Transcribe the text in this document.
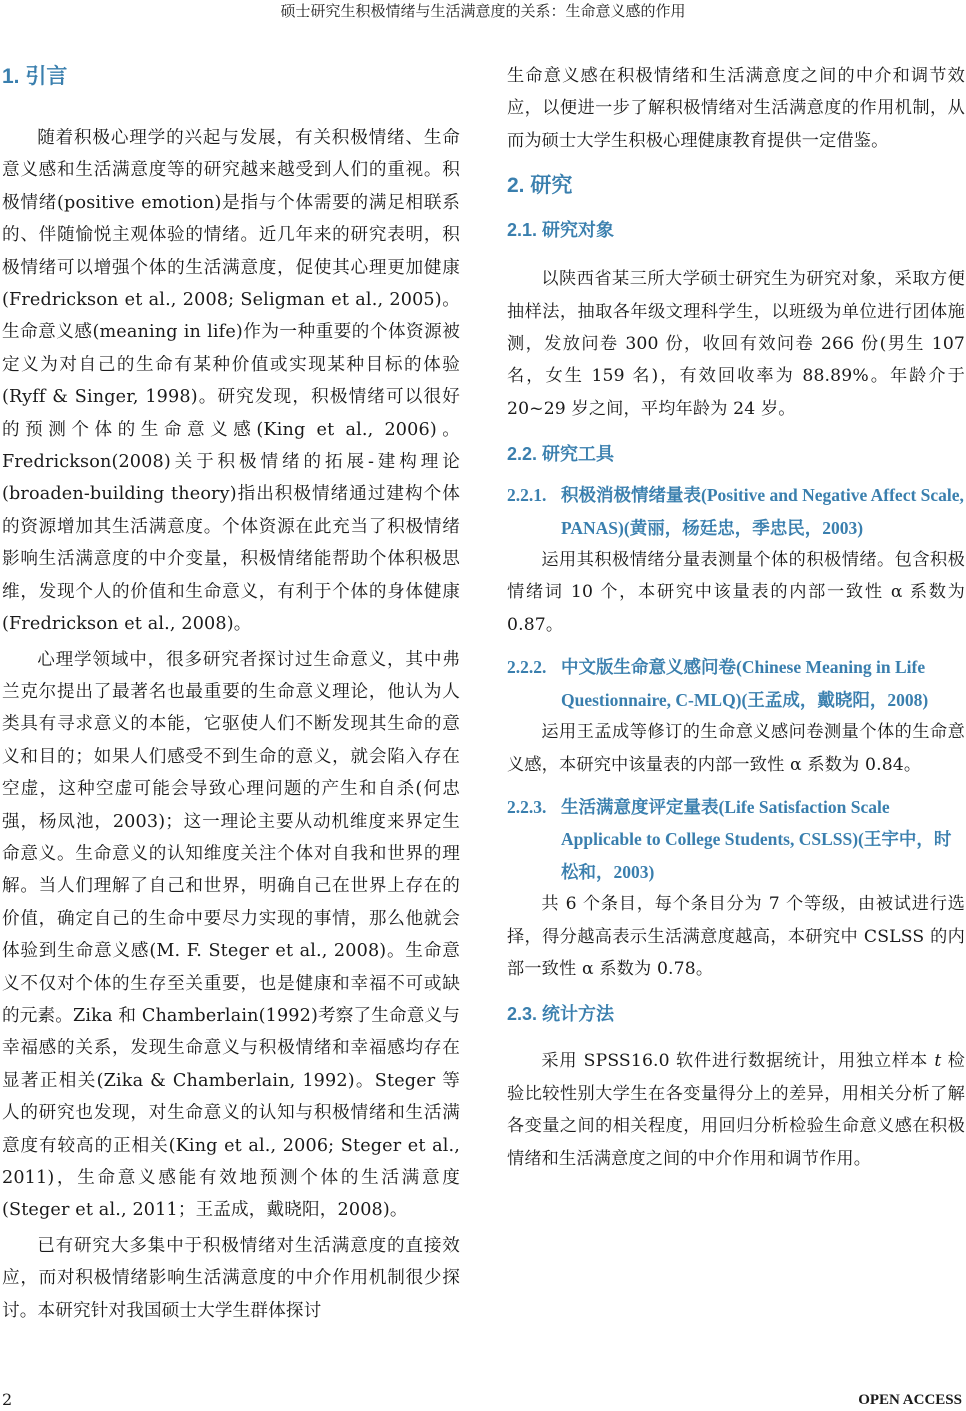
硕士研究生积极情绪与生活满意度的关系：生命意义感的作用
1. 引言

随着积极心理学的兴起与发展，有关积极情绪、生命意义感和生活满意度等的研究越来越受到人们的重视。积极情绪(positive emotion)是指与个体需要的满足相联系的、伴随愉悦主观体验的情绪。近几年来的研究表明，积极情绪可以增强个体的生活满意度，促使其心理更加健康(Fredrickson et al., 2008; Seligman et al., 2005)。生命意义感(meaning in life)作为一种重要的个体资源被定义为对自己的生命有某种价值或实现某种目标的体验(Ryff & Singer, 1998)。研究发现，积极情绪可以很好的预测个体的生命意义感(King et al., 2006)。Fredrickson(2008)关于积极情绪的拓展-建构理论(broaden-building theory)指出积极情绪通过建构个体的资源增加其生活满意度。个体资源在此充当了积极情绪影响生活满意度的中介变量，积极情绪能帮助个体积极思维，发现个人的价值和生命意义，有利于个体的身体健康(Fredrickson et al., 2008)。

心理学领域中，很多研究者探讨过生命意义，其中弗兰克尔提出了最著名也最重要的生命意义理论，他认为人类具有寻求意义的本能，它驱使人们不断发现其生命的意义和目的；如果人们感受不到生命的意义，就会陷入存在空虚，这种空虚可能会导致心理问题的产生和自杀(何忠强，杨凤池，2003)；这一理论主要从动机维度来界定生命意义。生命意义的认知维度关注个体对自我和世界的理解。当人们理解了自己和世界，明确自己在世界上存在的价值，确定自己的生命中要尽力实现的事情，那么他就会体验到生命意义感(M. F. Steger et al., 2008)。生命意义不仅对个体的生存至关重要，也是健康和幸福不可或缺的元素。Zika 和 Chamberlain(1992)考察了生命意义与幸福感的关系，发现生命意义与积极情绪和幸福感均存在显著正相关(Zika & Chamberlain, 1992)。Steger 等人的研究也发现，对生命意义的认知与积极情绪和生活满意度有较高的正相关(King et al., 2006; Steger et al., 2011)，生命意义感能有效地预测个体的生活满意度(Steger et al., 2011；王孟成，戴晓阳，2008)。

已有研究大多集中于积极情绪对生活满意度的直接效应，而对积极情绪影响生活满意度的中介作用机制很少探讨。本研究针对我国硕士大学生群体探讨

生命意义感在积极情绪和生活满意度之间的中介和调节效应，以便进一步了解积极情绪对生活满意度的作用机制，从而为硕士大学生积极心理健康教育提供一定借鉴。

2. 研究
2.1. 研究对象

以陕西省某三所大学硕士研究生为研究对象，采取方便抽样法，抽取各年级文理科学生，以班级为单位进行团体施测，发放问卷 300 份，收回有效问卷 266 份(男生 107 名，女生 159 名)，有效回收率为 88.89%。年龄介于 20~29 岁之间，平均年龄为 24 岁。

2.2. 研究工具
2.2.1. 积极消极情绪量表(Positive and Negative Affect Scale, PANAS)(黄丽，杨廷忠，季忠民，2003)

运用其积极情绪分量表测量个体的积极情绪。包含积极情绪词 10 个，本研究中该量表的内部一致性 α 系数为 0.87。

2.2.2. 中文版生命意义感问卷(Chinese Meaning in Life Questionnaire, C-MLQ)(王孟成，戴晓阳，2008)

运用王孟成等修订的生命意义感问卷测量个体的生命意义感，本研究中该量表的内部一致性 α 系数为 0.84。

2.2.3. 生活满意度评定量表(Life Satisfaction Scale Applicable to College Students, CSLSS)(王宇中，时松和，2003)

共 6 个条目，每个条目分为 7 个等级，由被试进行选择，得分越高表示生活满意度越高，本研究中 CSLSS 的内部一致性 α 系数为 0.78。

2.3. 统计方法

采用 SPSS16.0 软件进行数据统计，用独立样本 t 检验比较性别大学生在各变量得分上的差异，用相关分析了解各变量之间的相关程度，用回归分析检验生命意义感在积极情绪和生活满意度之间的中介作用和调节作用。

2	OPEN ACCESS
